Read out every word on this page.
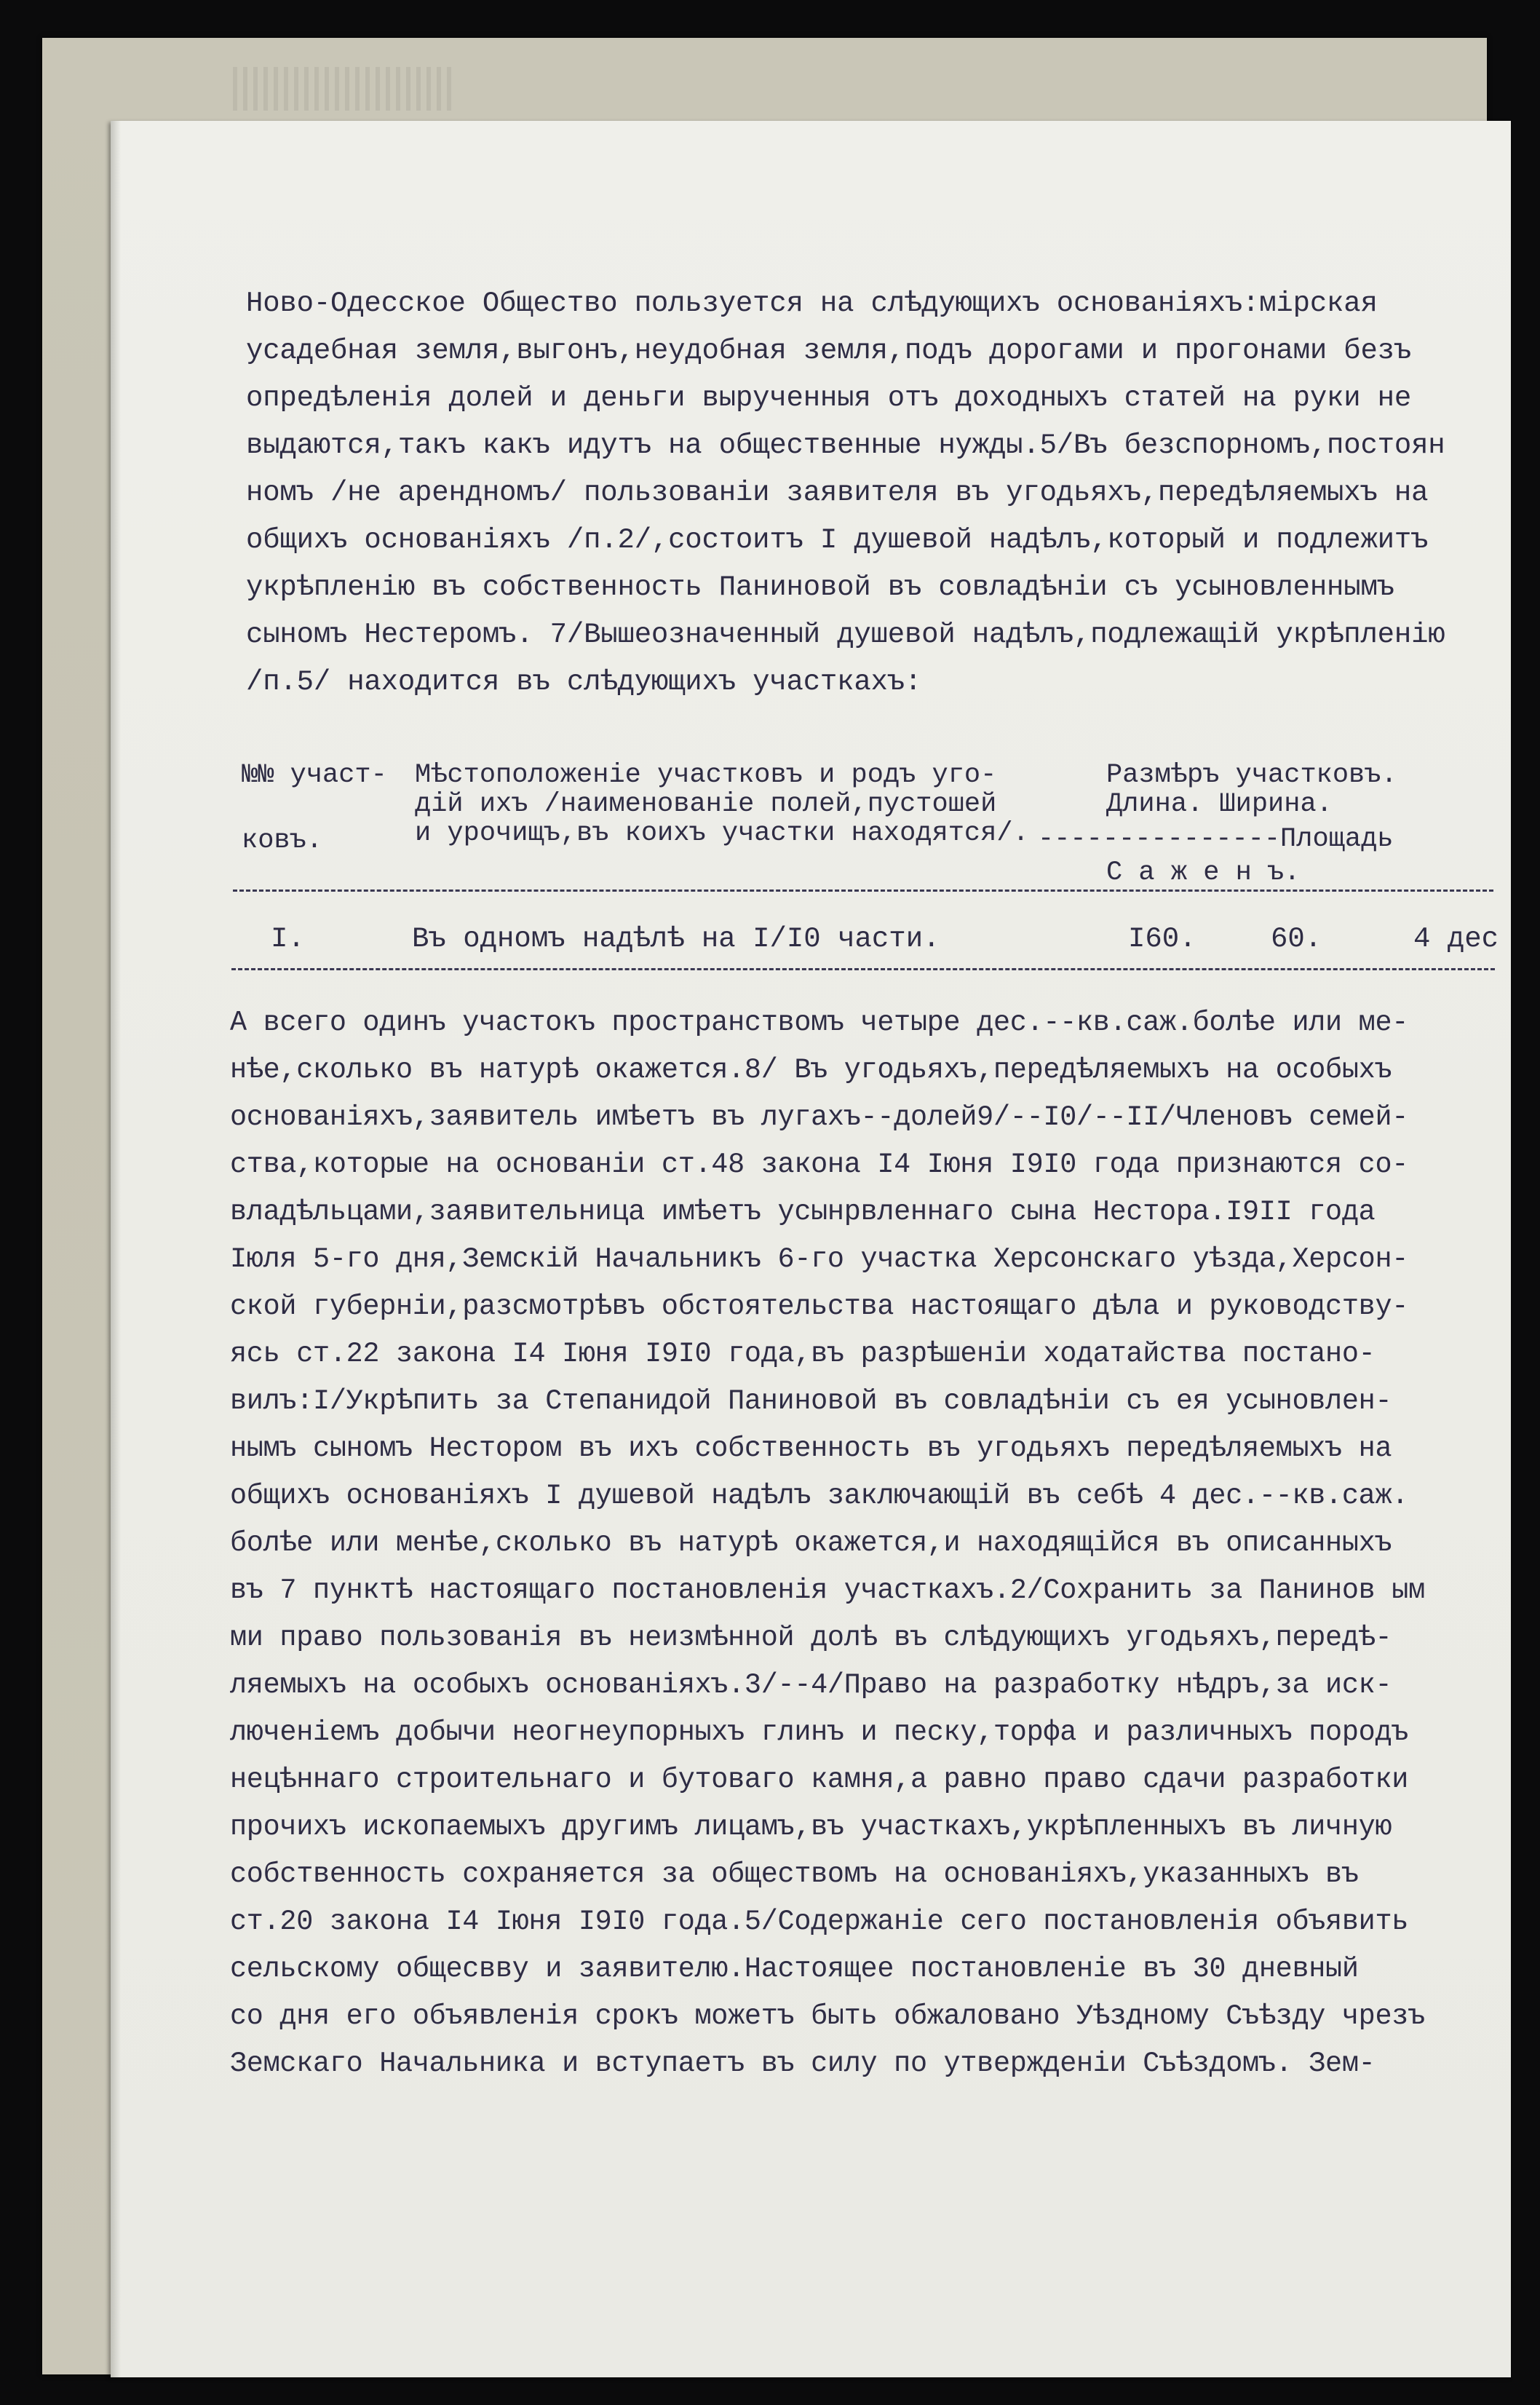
Ново-Одесское Общество пользуется на слѣдующихъ основаніяхъ:мірская
усадебная земля,выгонъ,неудобная земля,подъ дорогами и прогонами безъ
опредѣленія долей и деньги вырученныя отъ доходныхъ статей на руки не
выдаются,такъ какъ идутъ на общественные нужды.5/Въ безспорномъ,постоян
номъ /не арендномъ/ пользованіи заявителя въ угодьяхъ,передѣляемыхъ на
общихъ основаніяхъ /п.2/,состоитъ I душевой надѣлъ,который и подлежитъ
укрѣпленію въ собственность Паниновой въ совладѣніи съ усыновленнымъ
сыномъ Нестеромъ. 7/Вышеозначенный душевой надѣлъ,подлежащій укрѣпленію
/п.5/ находится въ слѣдующихъ участкахъ:
№№ участ-
ковъ.
Мѣстоположеніе участковъ и родъ уго-
дій ихъ /наименованіе полей,пустошей
и урочищъ,въ коихъ участки находятся/.
Размѣръ участковъ.
Длина. Ширина.
---------------Площадь
С а ж е н ъ.
I.	Въ одномъ надѣлѣ на I/I0 части.	I60.	60.	4 дес
А всего одинъ участокъ пространствомъ четыре дес.--кв.саж.болѣе или ме-
нѣе,сколько въ натурѣ окажется.8/ Въ угодьяхъ,передѣляемыхъ на особыхъ
основаніяхъ,заявитель имѣетъ въ лугахъ--долей9/--I0/--II/Членовъ семей-
ства,которые на основаніи ст.48 закона I4 Іюня I9I0 года признаются со-
владѣльцами,заявительница имѣетъ усынрвленнаго сына Нестора.I9II года
Іюля 5-го дня,Земскій Начальникъ 6-го участка Херсонскаго уѣзда,Херсон-
ской губерніи,разсмотрѣвъ обстоятельства настоящаго дѣла и руководству-
ясь ст.22 закона I4 Іюня I9I0 года,въ разрѣшеніи ходатайства постано-
вилъ:I/Укрѣпить за Степанидой Паниновой въ совладѣніи съ ея усыновлен-
нымъ сыномъ Нестором въ ихъ собственность въ угодьяхъ передѣляемыхъ на
общихъ основаніяхъ I душевой надѣлъ заключающій въ себѣ 4 дес.--кв.саж.
болѣе или менѣе,сколько въ натурѣ окажется,и находящійся въ описанныхъ
въ 7 пунктѣ настоящаго постановленія участкахъ.2/Сохранить за Панинов ым
ми право пользованія въ неизмѣнной долѣ въ слѣдующихъ угодьяхъ,передѣ-
ляемыхъ на особыхъ основаніяхъ.3/--4/Право на разработку нѣдръ,за иск-
люченіемъ добычи неогнеупорныхъ глинъ и песку,торфа и различныхъ породъ
нецѣннаго строительнаго и бутоваго камня,а равно право сдачи разработки
прочихъ ископаемыхъ другимъ лицамъ,въ участкахъ,укрѣпленныхъ въ личную
собственность сохраняется за обществомъ на основаніяхъ,указанныхъ въ
ст.20 закона I4 Іюня I9I0 года.5/Содержаніе сего постановленія объявить
сельскому общесвву и заявителю.Настоящее постановленіе въ 30 дневный
со дня его объявленія срокъ можетъ быть обжаловано Уѣздному Съѣзду чрезъ
Земскаго Начальника и вступаетъ въ силу по утвержденіи Съѣздомъ. Зем-
